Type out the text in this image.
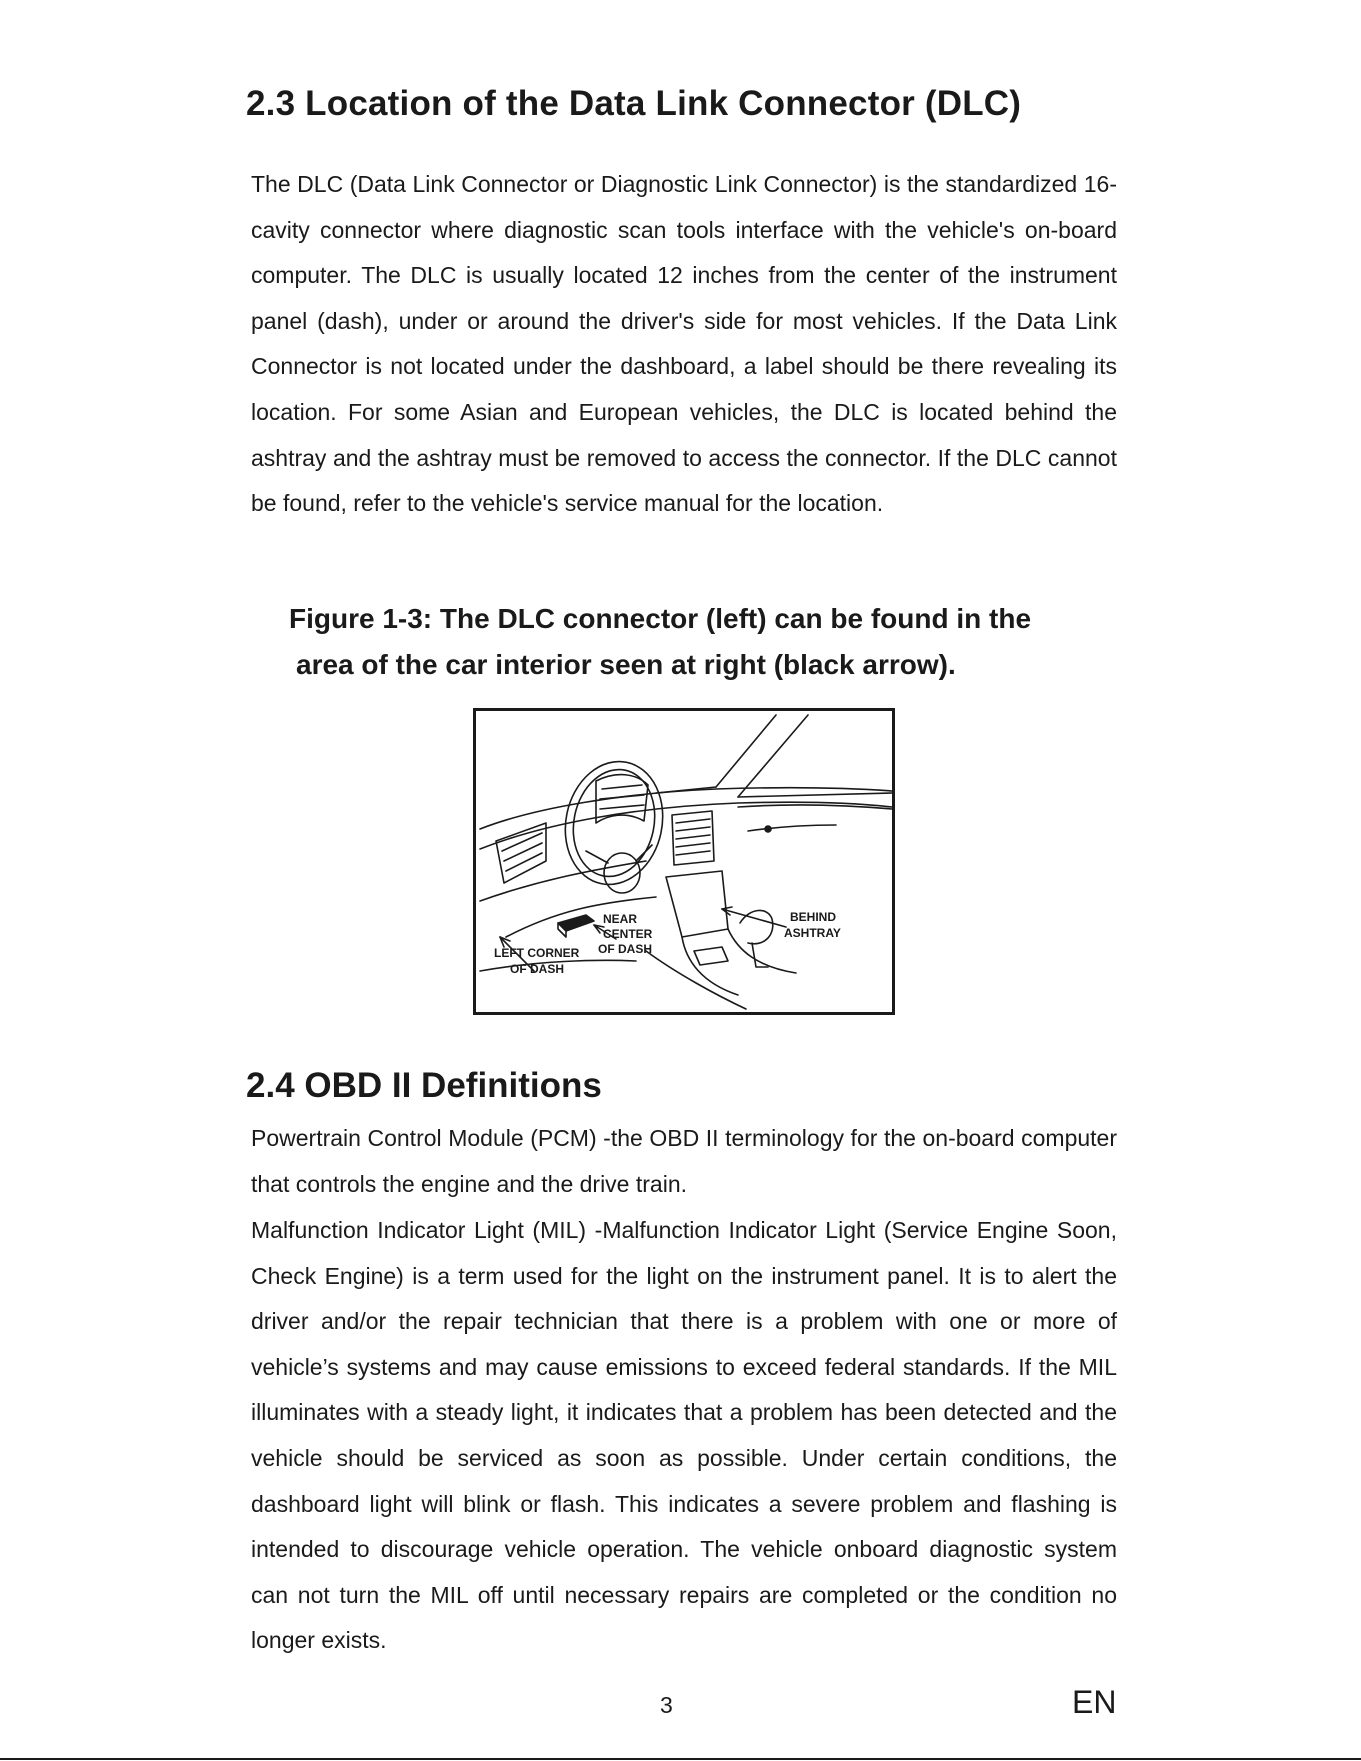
2.3 Location of the Data Link Connector (DLC)

The DLC (Data Link Connector or Diagnostic Link Connector) is the standardized 16-cavity connector where diagnostic scan tools interface with the vehicle's on-board computer. The DLC is usually located 12 inches from the center of the instrument panel (dash), under or around the driver's side for most vehicles. If the Data Link Connector is not located under the dashboard, a label should be there revealing its location. For some Asian and European vehicles, the DLC is located behind the ashtray and the ashtray must be removed to access the connector. If the DLC cannot be found, refer to the vehicle's service manual for the location.

Figure 1-3: The DLC connector (left) can be found in the

area of the car interior seen at right (black arrow).

NEAR
CENTER
OF DASH
LEFT CORNER
OF DASH
BEHIND
ASHTRAY
2.4 OBD II Definitions

Powertrain Control Module (PCM) -the OBD II terminology for the on-board computer that controls the engine and the drive train.

Malfunction Indicator Light (MIL) -Malfunction Indicator Light (Service Engine Soon, Check Engine) is a term used for the light on the instrument panel. It is to alert the driver and/or the repair technician that there is a problem with one or more of vehicle’s systems and may cause emissions to exceed federal standards. If the MIL illuminates with a steady light, it indicates that a problem has been detected and the vehicle should be serviced as soon as possible. Under certain conditions, the dashboard light will blink or flash. This indicates a severe problem and flashing is intended to discourage vehicle operation. The vehicle onboard diagnostic system can not turn the MIL off until necessary repairs are completed or the condition no longer exists.

3	EN
